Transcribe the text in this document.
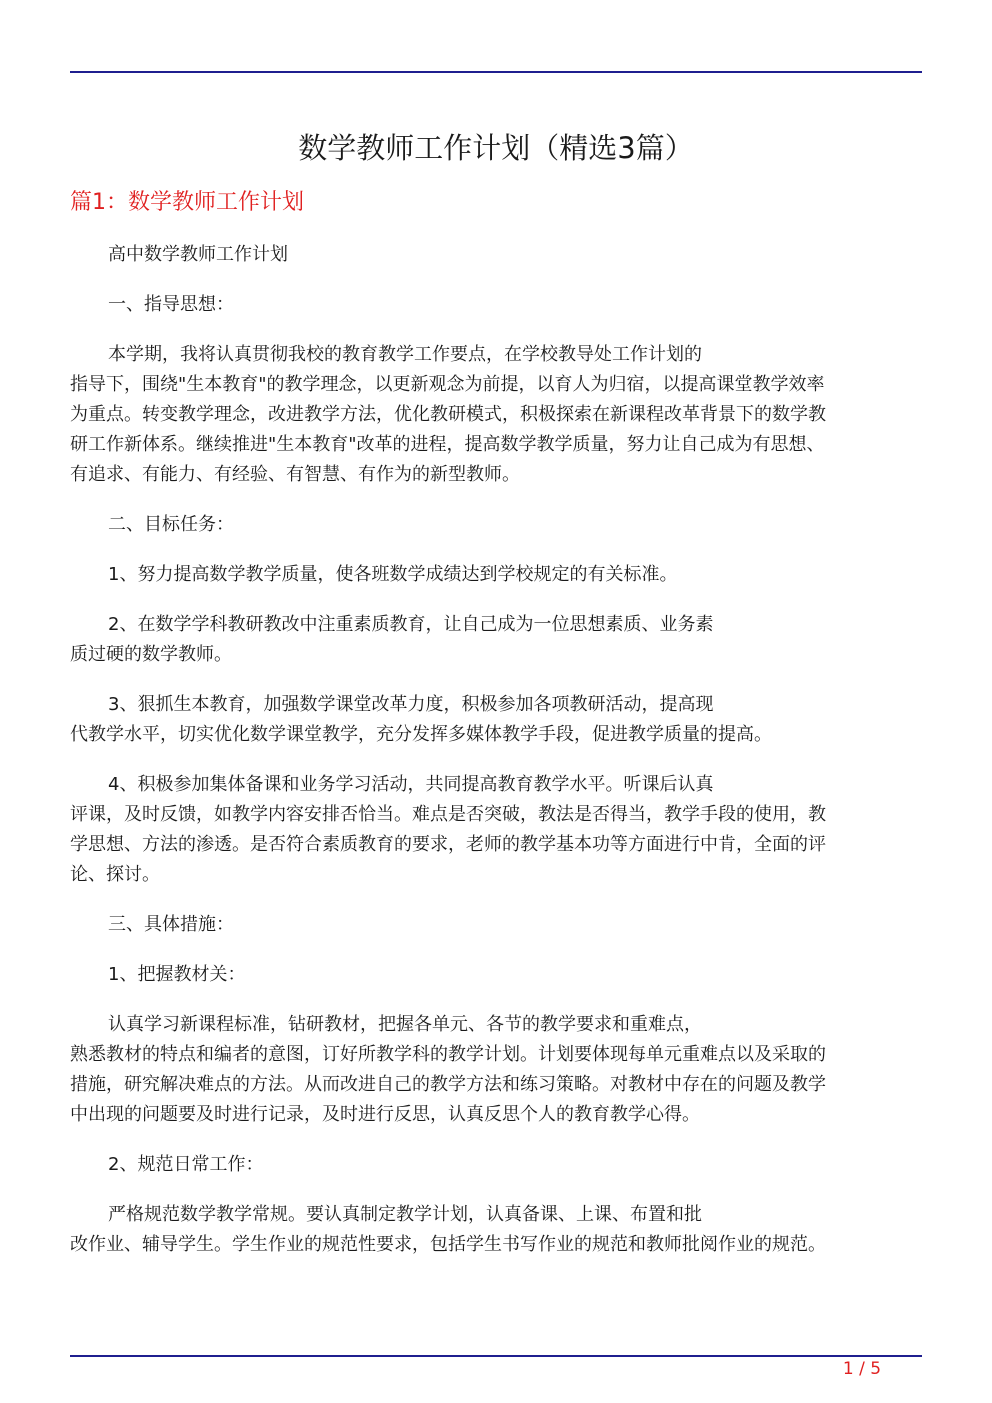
数学教师工作计划（精选3篇）
篇1：数学教师工作计划
高中数学教师工作计划
一、指导思想：
本学期，我将认真贯彻我校的教育教学工作要点，在学校教导处工作计划的
指导下，围绕"生本教育"的教学理念，以更新观念为前提，以育人为归宿，以提高课堂教学效率
为重点。转变教学理念，改进教学方法，优化教研模式，积极探索在新课程改革背景下的数学教
研工作新体系。继续推进"生本教育"改革的进程，提高数学教学质量，努力让自己成为有思想、
有追求、有能力、有经验、有智慧、有作为的新型教师。
二、目标任务：
1、努力提高数学教学质量，使各班数学成绩达到学校规定的有关标准。
2、在数学学科教研教改中注重素质教育，让自己成为一位思想素质、业务素
质过硬的数学教师。
3、狠抓生本教育，加强数学课堂改革力度，积极参加各项教研活动，提高现
代教学水平，切实优化数学课堂教学，充分发挥多媒体教学手段，促进教学质量的提高。
4、积极参加集体备课和业务学习活动，共同提高教育教学水平。听课后认真
评课，及时反馈，如教学内容安排否恰当。难点是否突破，教法是否得当，教学手段的使用，教
学思想、方法的渗透。是否符合素质教育的要求，老师的教学基本功等方面进行中肯，全面的评
论、探讨。
三、具体措施：
1、把握教材关：
认真学习新课程标准，钻研教材，把握各单元、各节的教学要求和重难点，
熟悉教材的特点和编者的意图，订好所教学科的教学计划。计划要体现每单元重难点以及采取的
措施，研究解决难点的方法。从而改进自己的教学方法和练习策略。对教材中存在的问题及教学
中出现的问题要及时进行记录，及时进行反思，认真反思个人的教育教学心得。
2、规范日常工作：
严格规范数学教学常规。要认真制定教学计划，认真备课、上课、布置和批
改作业、辅导学生。学生作业的规范性要求，包括学生书写作业的规范和教师批阅作业的规范。
1 / 5
